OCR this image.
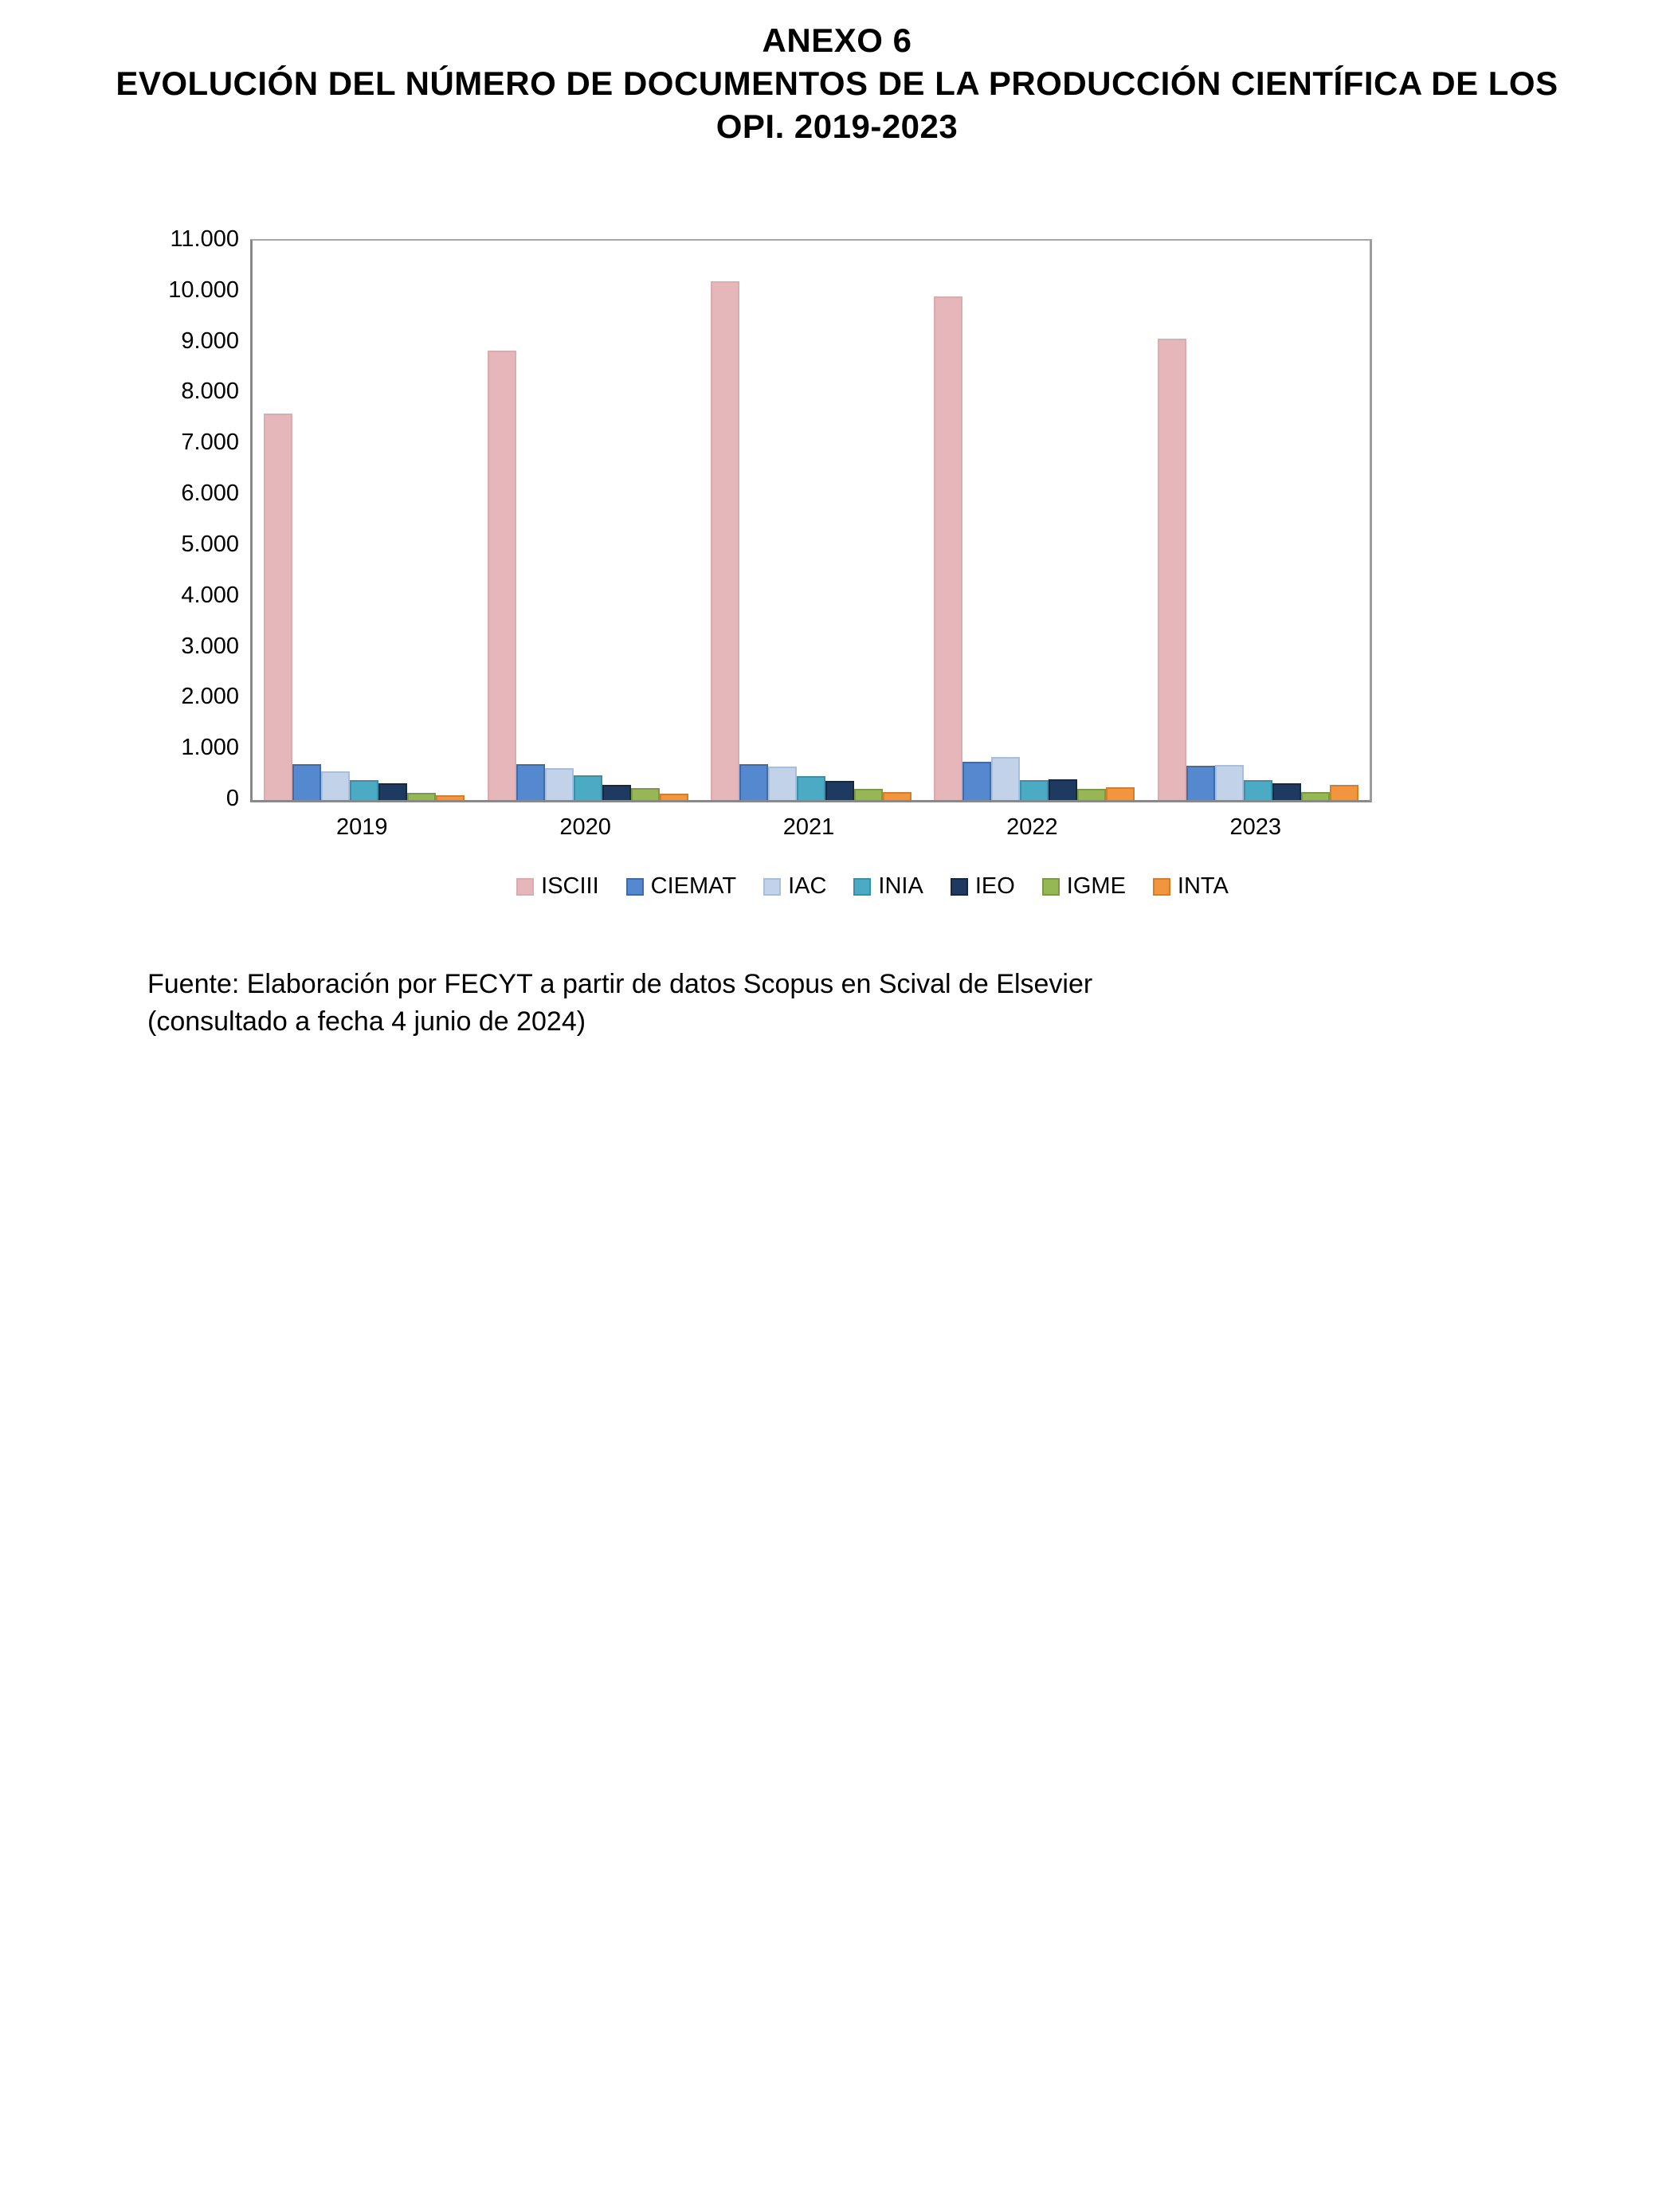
ANEXO 6
EVOLUCIÓN DEL NÚMERO DE DOCUMENTOS DE LA PRODUCCIÓN CIENTÍFICA DE LOS
OPI. 2019-2023
0
1.000
2.000
3.000
4.000
5.000
6.000
7.000
8.000
9.000
10.000
11.000
2019	2020	2021	2022	2023
ISCIII CIEMAT IAC INIA IEO IGME INTA
Fuente: Elaboración por FECYT a partir de datos Scopus en Scival de Elsevier
(consultado a fecha 4 junio de 2024)
